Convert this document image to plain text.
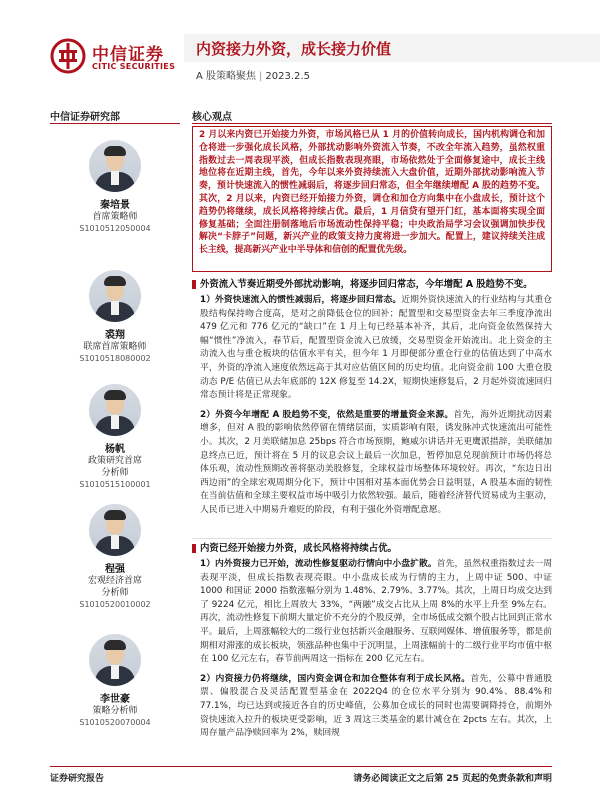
中信证券
CITIC SECURITIES
内资接力外资，成长接力价值
A 股策略聚焦 | 2023.2.5
中信证券研究部
秦培景
首席策略师
S1010512050004
裘翔
联席首席策略师
S1010518080002
杨帆
政策研究首席
分析师
S1010515100001
程强
宏观经济首席
分析师
S1010520010002
李世豪
策略分析师
S1010520070004
核心观点
2 月以来内资已开始接力外资，市场风格已从 1 月的价值转向成长，国内机构调仓和加仓将进一步强化成长风格，外部扰动影响外资流入节奏，不改全年流入趋势，虽然权重指数过去一周表现平淡，但成长指数表现亮眼，市场依然处于全面修复途中，成长主线地位将在近期主线，首先，今年以来外资持续流入大盘价值，近期外部扰动影响流入节奏，预计快速流入的惯性减弱后，将逐步回归常态，但全年继续增配 A 股的趋势不变。其次，2 月以来，内资已经开始接力外资，调仓和加仓方向集中在小盘成长，预计这个趋势仍将继续，成长风格将持续占优。最后，1 月信贷有望开门红，基本面将实现全面修复基础；全面注册制落地后市场流动性保持平稳；中央政治局学习会议强调加快步伐解决“卡脖子”问题，新兴产业的政策支持力度将进一步加大。配置上，建议持续关注成长主线，提高新兴产业中半导体和信创的配置优先级。
外资流入节奏近期受外部扰动影响，将逐步回归常态，今年增配 A 股趋势不变。
1）外资快速流入的惯性减弱后，将逐步回归常态。近期外资快速流入的行业结构与其重仓股结构保持吻合度高，是对之前降低仓位的回补；配置型和交易型资金去年三季度净流出 479 亿元和 776 亿元的“缺口”在 1 月上旬已经基本补齐，其后，北向资金依然保持大幅“惯性”净流入，春节后，配置型资金流入已放缓，交易型资金开始流出。北上资金的主动流入也与重仓板块的估值水平有关，但今年 1 月即便部分重仓行业的估值达到了中高水平，外资的净流入速度依然远高于其对应估值区间的历史均值。北向资金前 100 大重仓股动态 P/E 估值已从去年底部的 12X 修复至 14.2X，短期快速修复后，2 月起外资流速回归常态预计将是正常现象。
2）外资今年增配 A 股趋势不变，依然是重要的增量资金来源。首先，海外近期扰动因素增多，但对 A 股的影响依然停留在情绪层面，实质影响有限，诱发脉冲式快速流出可能性小。其次，2 月美联储加息 25bps 符合市场预期，鲍威尔讲话并无更鹰派措辞，美联储加息终点已近，预计将在 5 月的议息会议上最后一次加息，暂停加息兑现前预计市场仍将总体乐观，流动性预期改善将驱动美股修复，全球权益市场整体环境较好。再次，“东边日出西边雨”的全球宏观周期分化下，预计中国相对基本面优势会日益明显，A 股基本面的韧性在当前估值和全球主要权益市场中吸引力依然较强。最后，随着经济替代贸易成为主驱动，人民币已进入中期易升难贬的阶段，有利于强化外资增配意愿。
内资已经开始接力外资，成长风格将持续占优。
1）内外资接力已开始，流动性修复驱动行情向中小盘扩散。首先，虽然权重指数过去一周表现平淡，但成长指数表现亮眼。中小盘成长成为行情的主力，上周中证 500、中证 1000 和国证 2000 指数涨幅分别为 1.48%、2.79%、3.77%。其次，上周日均成交达到了 9224 亿元，相比上周放大 33%，“两融”成交占比从上周 8%的水平上升至 9%左右。再次，流动性修复下前期大量定价不充分的个股反弹，全市场低成交额个股占比回到正常水平。最后，上周涨幅较大的二级行业包括新兴金融服务、互联网媒体、增值服务等，都是前期相对滞涨的成长板块，领涨品种也集中于沉明显，上周涨幅前十的二级行业平均市值中枢在 100 亿元左右，春节前两周这一指标在 200 亿元左右。
2）内资接力仍将继续，国内资金调仓和加仓整体有利于成长风格。首先，公募中普通股票、偏股混合及灵活配置型基金在 2022Q4 的仓位水平分别为 90.4%、88.4%和 77.1%，均已达到或接近各自的历史峰值，公募加仓成长的同时也需要调降持仓，前期外资快速流入拉升的板块更受影响，近 3 周这三类基金的累计减仓在 2pcts 左右。其次，上周存量产品净赎回率为 2%，赎回规
证券研究报告	请务必阅读正文之后第 25 页起的免责条款和声明
